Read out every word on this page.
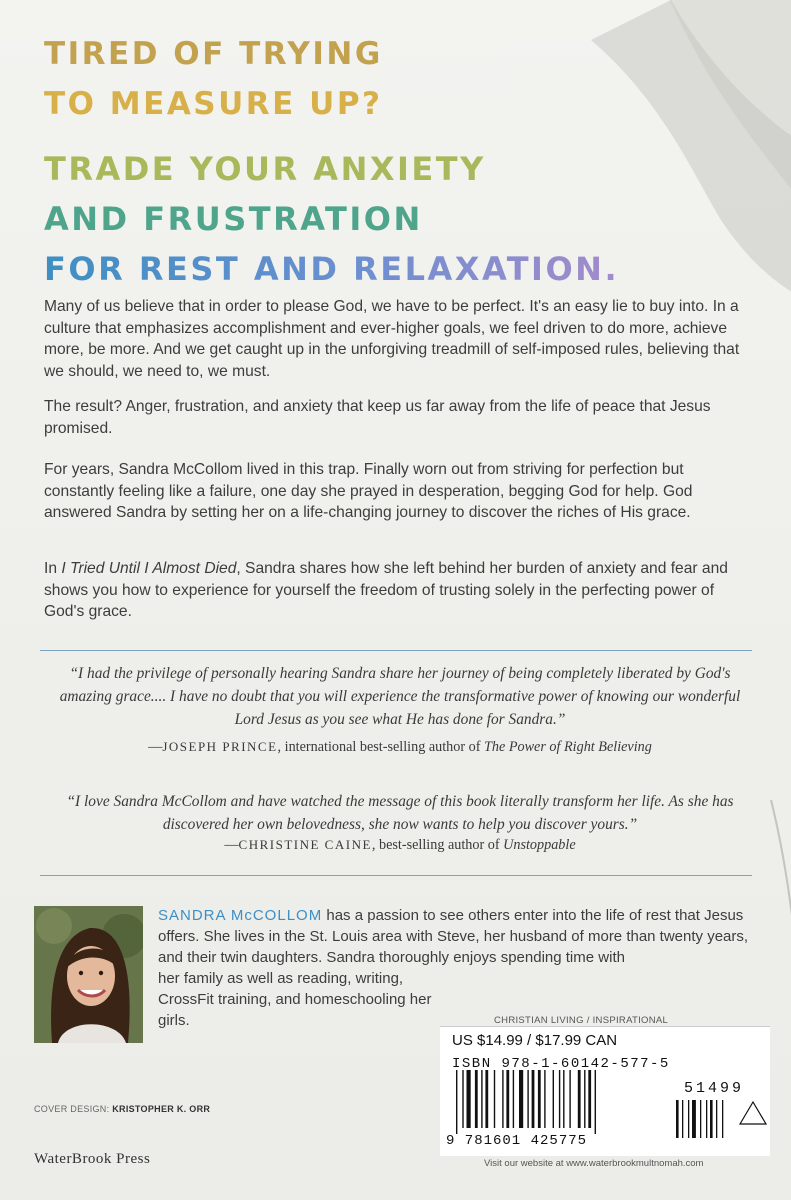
TIRED OF TRYING
TO MEASURE UP?
TRADE YOUR ANXIETY
AND FRUSTRATION
FOR REST AND RELAXATION.

Many of us believe that in order to please God, we have to be perfect. It's an easy lie to buy into. In a culture that emphasizes accomplishment and ever-higher goals, we feel driven to do more, achieve more, be more. And we get caught up in the unforgiving treadmill of self-imposed rules, believing that we should, we need to, we must.

The result? Anger, frustration, and anxiety that keep us far away from the life of peace that Jesus promised.

For years, Sandra McCollom lived in this trap. Finally worn out from striving for perfection but constantly feeling like a failure, one day she prayed in desperation, begging God for help. God answered Sandra by setting her on a life-changing journey to discover the riches of His grace.

In I Tried Until I Almost Died, Sandra shares how she left behind her burden of anxiety and fear and shows you how to experience for yourself the freedom of trusting solely in the perfecting power of God's grace.

“I had the privilege of personally hearing Sandra share her journey of being completely liberated by God's amazing grace.... I have no doubt that you will experience the transformative power of knowing our wonderful Lord Jesus as you see what He has done for Sandra.”

—JOSEPH PRINCE, international best-selling author of The Power of Right Believing

“I love Sandra McCollom and have watched the message of this book literally transform her life. As she has discovered her own belovedness, she now wants to help you discover yours.”

—CHRISTINE CAINE, best-selling author of Unstoppable

SANDRA McCOLLOM has a passion to see others enter into the life of rest that Jesus offers. She lives in the St. Louis area with Steve, her husband of more than twenty years, and their twin daughters. Sandra thoroughly enjoys spending time with

her family as well as reading, writing, CrossFit training, and homeschooling her girls.	CHRISTIAN LIVING / INSPIRATIONAL
US $14.99 / $17.99 CAN
ISBN 978-1-60142-577-5
51499
9 781601 425775
COVER DESIGN: KRISTOPHER K. ORR
WaterBrook Press	Visit our website at www.waterbrookmultnomah.com
